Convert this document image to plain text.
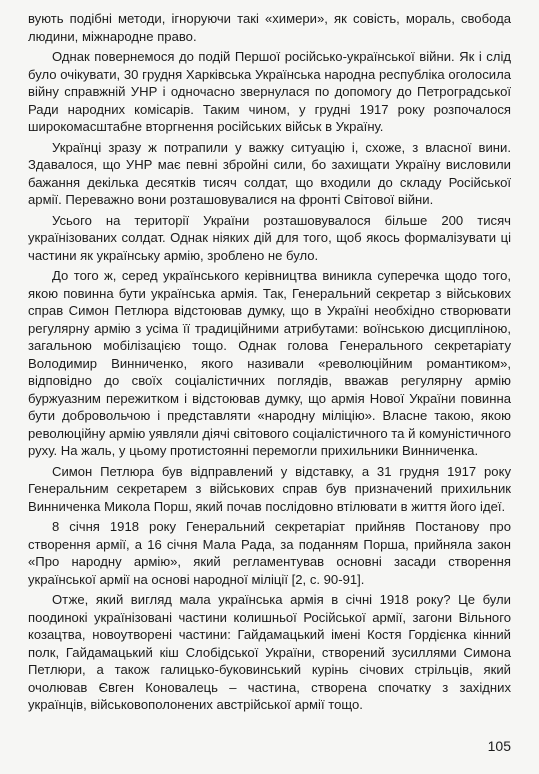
вують подібні методи, ігноруючи такі «химери», як совість, мораль, свобода людини, міжнародне право.

Однак повернемося до подій Першої російсько-української війни. Як і слід було очікувати, 30 грудня Харківська Українська народна республіка оголосила війну справжній УНР і одночасно звернулася по допомогу до Петроградської Ради народних комісарів. Таким чином, у грудні 1917 року розпочалося широкомасштабне вторгнення російських військ в Україну.

Українці зразу ж потрапили у важку ситуацію і, схоже, з власної вини. Здавалося, що УНР має певні збройні сили, бо захищати Україну висловили бажання декілька десятків тисяч солдат, що входили до складу Російської армії. Переважно вони розташовувалися на фронті Світової війни.

Усього на території України розташовувалося більше 200 тисяч українізованих солдат. Однак ніяких дій для того, щоб якось формалізувати ці частини як українську армію, зроблено не було.

До того ж, серед українського керівництва виникла суперечка щодо того, якою повинна бути українська армія. Так, Генеральний секретар з військових справ Симон Петлюра відстоював думку, що в Україні необхідно створювати регулярну армію з усіма її традиційними атрибутами: воїнською дисципліною, загальною мобілізацією тощо. Однак голова Генерального секретаріату Володимир Винниченко, якого називали «революційним романтиком», відповідно до своїх соціалістичних поглядів, вважав регулярну армію буржуазним пережитком і відстоював думку, що армія Нової України повинна бути добровольчою і представляти «народну міліцію». Власне такою, якою революційну армію уявляли діячі світового соціалістичного та й комуністичного руху. На жаль, у цьому протистоянні перемогли прихильники Винниченка.

Симон Петлюра був відправлений у відставку, а 31 грудня 1917 року Генеральним секретарем з військових справ був призначений прихильник Винниченка Микола Порш, який почав послідовно втілювати в життя його ідеї.

8 січня 1918 року Генеральний секретаріат прийняв Постанову про створення армії, а 16 січня Мала Рада, за поданням Порша, прийняла закон «Про народну армію», який регламентував основні засади створення української армії на основі народної міліції [2, с. 90-91].

Отже, який вигляд мала українська армія в січні 1918 року? Це були поодинокі українізовані частини колишньої Російської армії, загони Вільного козацтва, новоутворені частини: Гайдамацький імені Костя Гордієнка кінний полк, Гайдамацький кіш Слобідської України, створений зусиллями Симона Петлюри, а також галицько-буковинський курінь січових стрільців, який очолював Євген Коновалець – частина, створена спочатку з західних українців, військовополонених австрійської армії тощо.

105
